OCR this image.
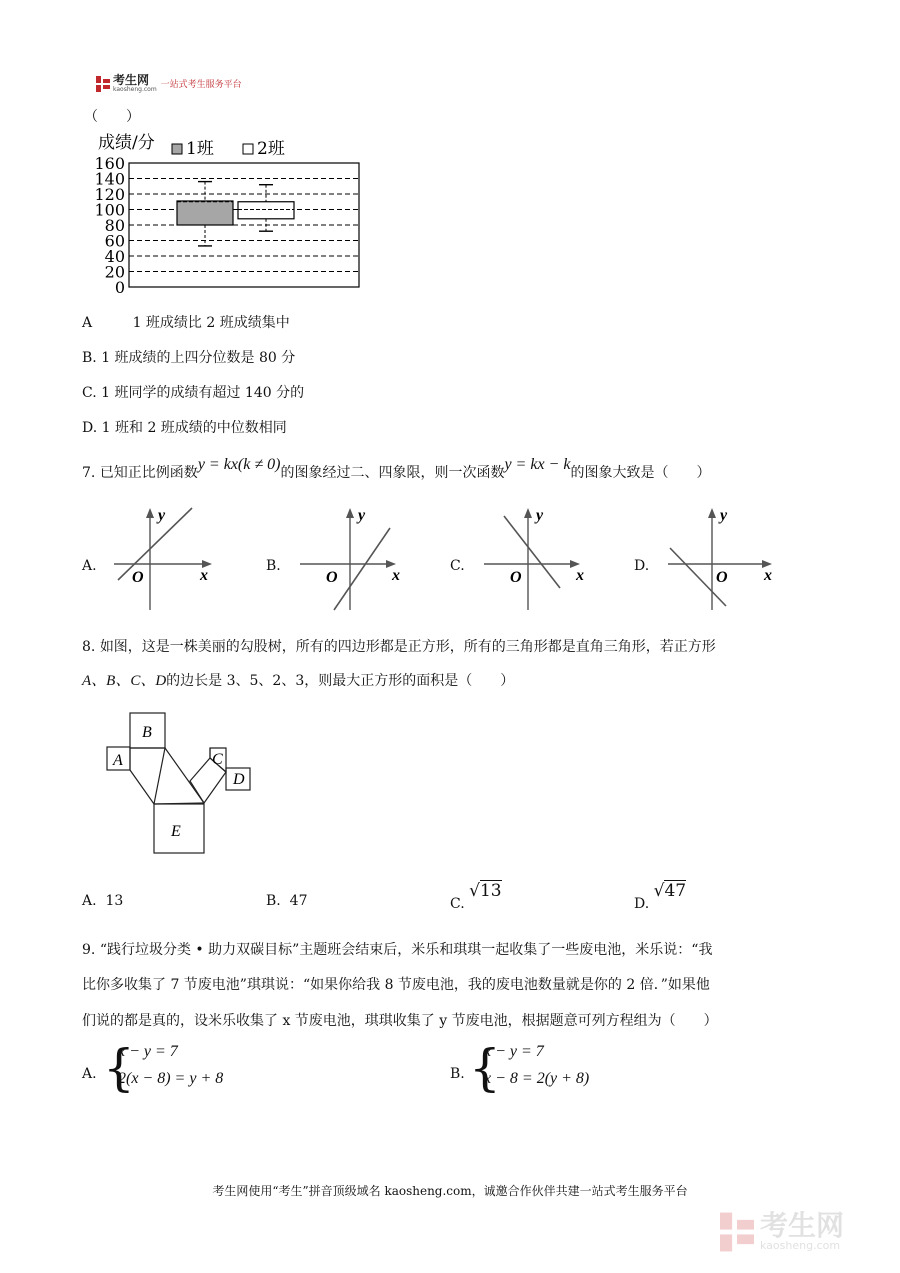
考生网
kaosheng.com 一站式考生服务平台
（　　）
成绩/分 1班	2班
0
20
40
60
80
100
120
140
160
A	1 班成绩比 2 班成绩集中
B. 1 班成绩的上四分位数是 80 分
C. 1 班同学的成绩有超过 140 分的
D. 1 班和 2 班成绩的中位数相同
7. 已知正比例函数y = kx(k ≠ 0)的图象经过二、四象限，则一次函数y = kx − k的图象大致是（　　）
A.	B.	C.	D.
y
x
O
y
x
O
y
x
O
y
x
O
8. 如图，这是一株美丽的勾股树，所有的四边形都是正方形，所有的三角形都是直角三角形，若正方形
A、B、C、D的边长是 3、5、2、3，则最大正方形的面积是（　　）
B
A	C
D
E
A. 13	B. 47	C. √13
D. √47
9. “践行垃圾分类 • 助力双碳目标”主题班会结束后，米乐和琪琪一起收集了一些废电池，米乐说：“我
比你多收集了 7 节废电池”琪琪说：“如果你给我 8 节废电池，我的废电池数量就是你的 2 倍．”如果他
们说的都是真的，设米乐收集了 x 节废电池，琪琪收集了 y 节废电池，根据题意可列方程组为（　　）
A. {
x − y = 7
2(x − 8) = y + 8	B. {
x − y = 7
x − 8 = 2(y + 8)
考生网使用“考生”拼音顶级域名 kaosheng.com，诚邀合作伙伴共建一站式考生服务平台
考生网
kaosheng.com
